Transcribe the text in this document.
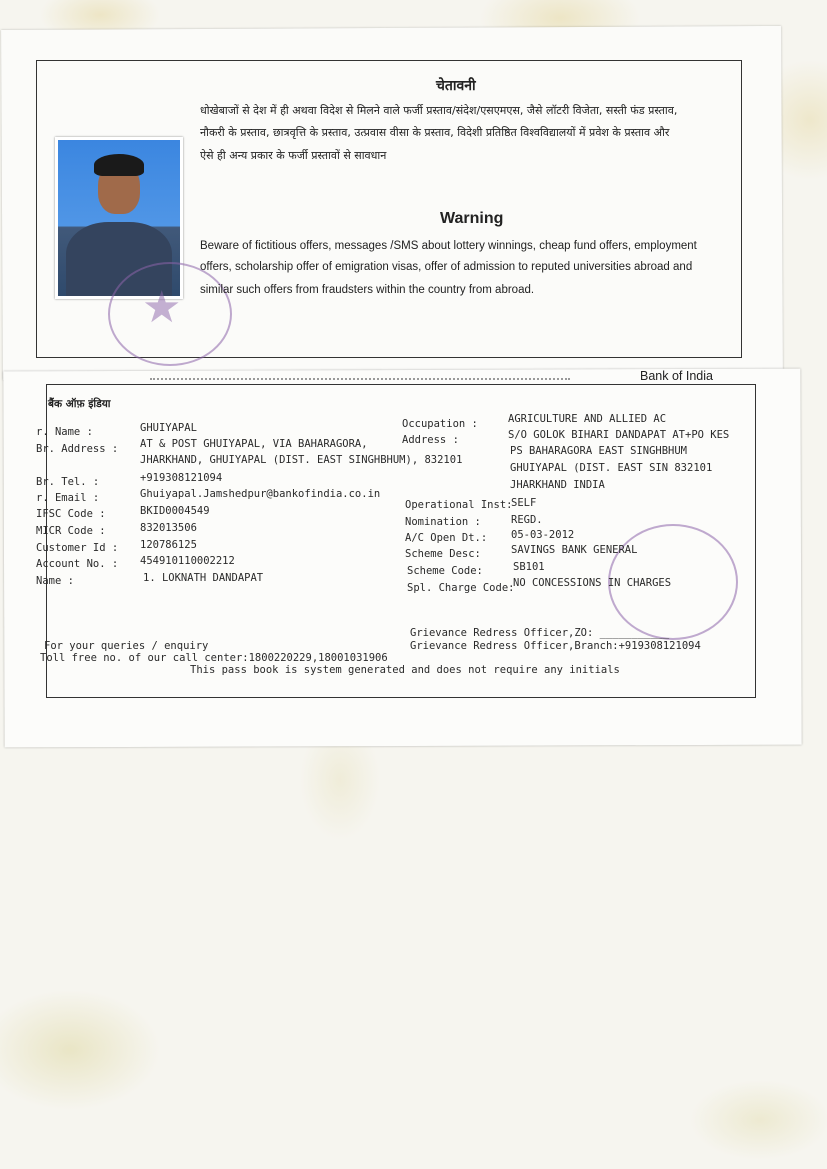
★
चेतावनी
धोखेबाजों से देश में ही अथवा विदेश से मिलने वाले फर्जी प्रस्ताव/संदेश/एसएमएस, जैसे लॉटरी विजेता, सस्ती फंड प्रस्ताव,
नौकरी के प्रस्ताव, छात्रवृत्ति के प्रस्ताव, उत्प्रवास वीसा के प्रस्ताव, विदेशी प्रतिष्ठित विश्वविद्यालयों में प्रवेश के प्रस्ताव और
ऐसे ही अन्य प्रकार के फर्जी प्रस्तावों से सावधान
Warning
Beware of fictitious offers, messages /SMS about lottery winnings, cheap fund offers, employment
offers, scholarship offer of emigration visas, offer of admission to reputed universities abroad and
similar such offers from fraudsters within the country from abroad.
Bank of India
बैंक ऑफ़ इंडिया
r. Name :
Br. Address :
Br. Tel. :
r. Email :
IFSC Code :
MICR Code :
Customer Id :
Account No. :
Name :
GHUIYAPAL
AT & POST GHUIYAPAL, VIA BAHARAGORA,
JHARKHAND, GHUIYAPAL (DIST. EAST SINGHBHUM), 832101
+919308121094
Ghuiyapal.Jamshedpur@bankofindia.co.in
BKID0004549
832013506
120786125
454910110002212
1. LOKNATH DANDAPAT
Occupation :
Address :
Operational Inst:
Nomination :
A/C Open Dt.:
Scheme Desc:
Scheme Code:
Spl. Charge Code:
AGRICULTURE AND ALLIED AC
S/O GOLOK BIHARI DANDAPAT AT+PO KES
PS BAHARAGORA EAST SINGHBHUM
GHUIYAPAL (DIST. EAST SIN 832101
JHARKHAND INDIA
SELF
REGD.
05-03-2012
SAVINGS BANK GENERAL
SB101
NO CONCESSIONS IN CHARGES
For your queries / enquiry
Toll free no. of our call center:1800220229,18001031906
Grievance Redress Officer,ZO: ___________
Grievance Redress Officer,Branch:+919308121094
This pass book is system generated and does not require any initials
